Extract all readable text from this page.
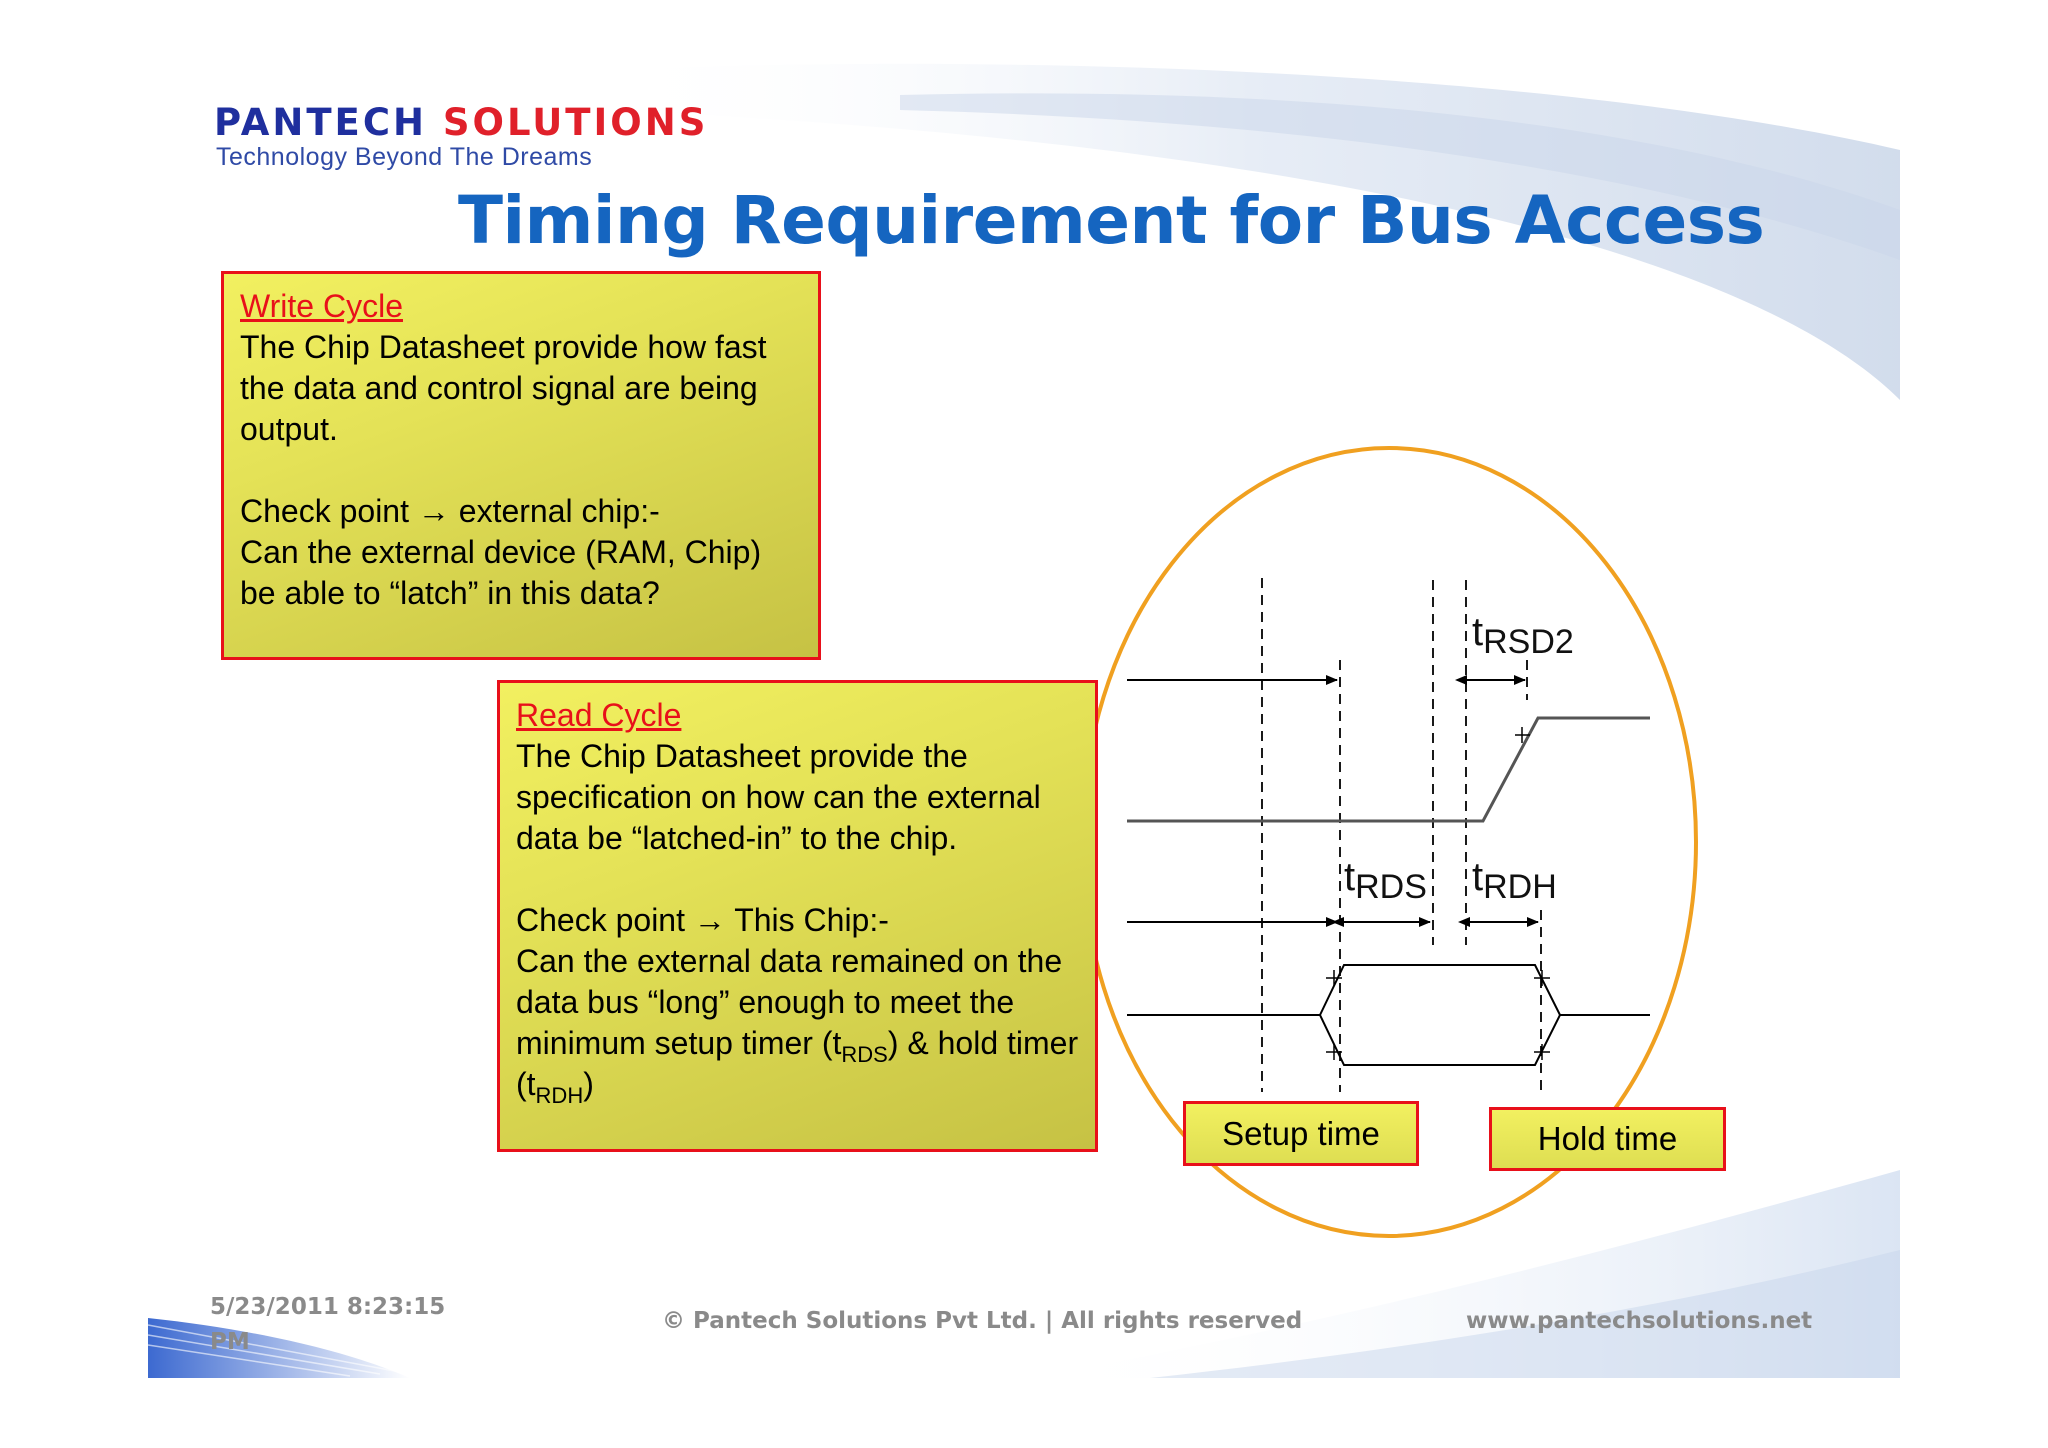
PANTECH SOLUTIONS
Technology Beyond The Dreams
Timing Requirement for Bus Access
Write Cycle
The Chip Datasheet provide how fast the data and control signal are being output.
Check point → external chip:-
Can the external device (RAM, Chip) be able to “latch” in this data?
$t_{RSD2}$
$t_{RDS}$ $t_{RDH}$
Read Cycle
The Chip Datasheet provide the specification on how can the external data be “latched-in” to the chip.
Check point → This Chip:-
Can the external data remained on the data bus “long” enough to meet the minimum setup timer $(t_{RDS})$ & hold timer $(t_{RDH})$
Setup time	Hold time
5/23/2011 8:23:15 PM
© Pantech Solutions Pvt Ltd. | All rights reserved	www.pantechsolutions.net
